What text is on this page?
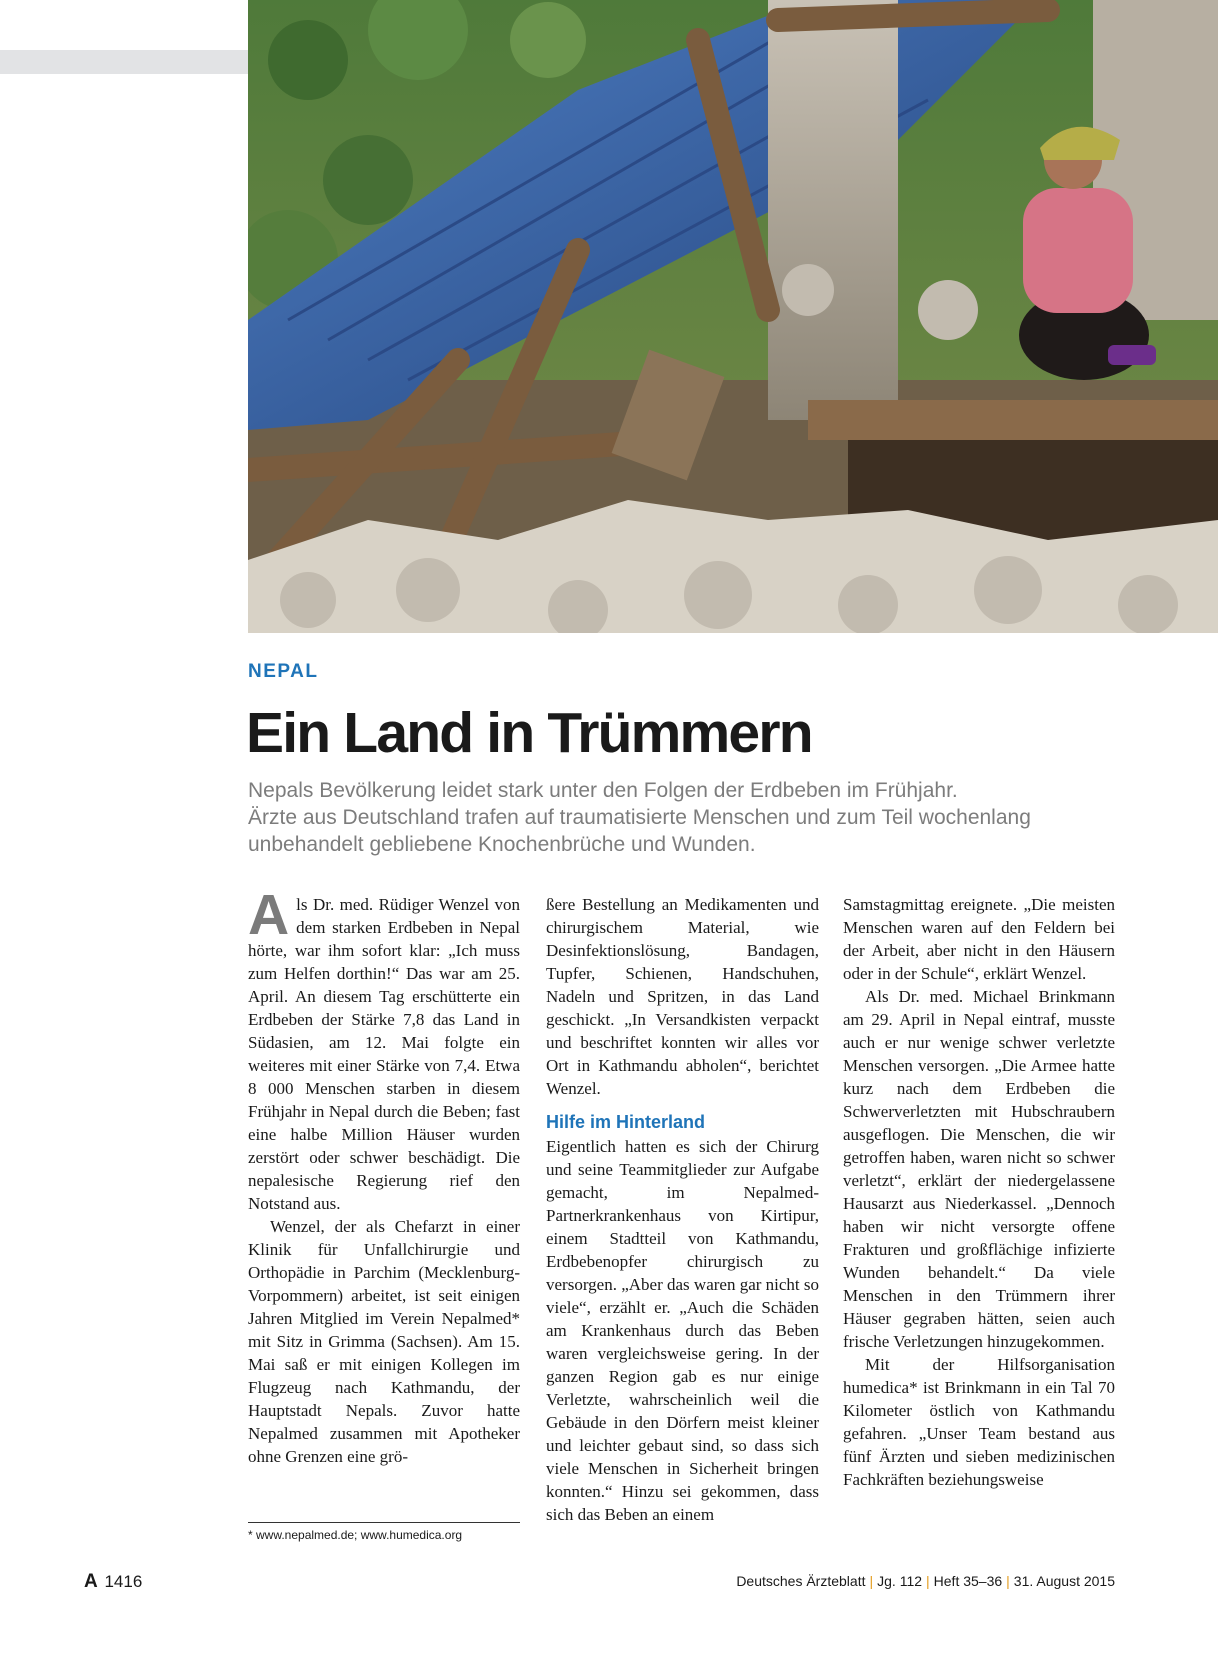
NEPAL
Ein Land in Trümmern

Nepals Bevölkerung leidet stark unter den Folgen der Erdbeben im Frühjahr.
Ärzte aus Deutschland trafen auf traumatisierte Menschen und zum Teil wochenlang
unbehandelt gebliebene Knochenbrüche und Wunden.

Als Dr. med. Rüdiger Wenzel von dem starken Erdbeben in Nepal hörte, war ihm sofort klar: „Ich muss zum Helfen dorthin!“ Das war am 25. April. An diesem Tag erschütterte ein Erdbeben der Stärke 7,8 das Land in Südasien, am 12. Mai folgte ein weiteres mit einer Stärke von 7,4. Etwa 8 000 Menschen starben in diesem Frühjahr in Nepal durch die Beben; fast eine halbe Million Häuser wurden zerstört oder schwer beschädigt. Die nepalesische Regierung rief den Notstand aus.

Wenzel, der als Chefarzt in einer Klinik für Unfallchirurgie und Orthopädie in Parchim (Mecklenburg-Vorpommern) arbeitet, ist seit einigen Jahren Mitglied im Verein Nepalmed* mit Sitz in Grimma (Sachsen). Am 15. Mai saß er mit einigen Kollegen im Flugzeug nach Kathmandu, der Hauptstadt Nepals. Zuvor hatte Nepalmed zusammen mit Apotheker ohne Grenzen eine grö-

ßere Bestellung an Medikamenten und chirurgischem Material, wie Desinfektionslösung, Bandagen, Tupfer, Schienen, Handschuhen, Nadeln und Spritzen, in das Land geschickt. „In Versandkisten verpackt und beschriftet konnten wir alles vor Ort in Kathmandu abholen“, berichtet Wenzel.

Hilfe im Hinterland

Eigentlich hatten es sich der Chirurg und seine Teammitglieder zur Aufgabe gemacht, im Nepalmed-Partnerkrankenhaus von Kirtipur, einem Stadtteil von Kathmandu, Erdbebenopfer chirurgisch zu versorgen. „Aber das waren gar nicht so viele“, erzählt er. „Auch die Schäden am Krankenhaus durch das Beben waren vergleichsweise gering. In der ganzen Region gab es nur einige Verletzte, wahrscheinlich weil die Gebäude in den Dörfern meist kleiner und leichter gebaut sind, so dass sich viele Menschen in Sicherheit bringen konnten.“ Hinzu sei gekommen, dass sich das Beben an einem

Samstagmittag ereignete. „Die meisten Menschen waren auf den Feldern bei der Arbeit, aber nicht in den Häusern oder in der Schule“, erklärt Wenzel.

Als Dr. med. Michael Brinkmann am 29. April in Nepal eintraf, musste auch er nur wenige schwer verletzte Menschen versorgen. „Die Armee hatte kurz nach dem Erdbeben die Schwerverletzten mit Hubschraubern ausgeflogen. Die Menschen, die wir getroffen haben, waren nicht so schwer verletzt“, erklärt der niedergelassene Hausarzt aus Niederkassel. „Dennoch haben wir nicht versorgte offene Frakturen und großflächige infizierte Wunden behandelt.“ Da viele Menschen in den Trümmern ihrer Häuser gegraben hätten, seien auch frische Verletzungen hinzugekommen.

Mit der Hilfsorganisation humedica* ist Brinkmann in ein Tal 70 Kilometer östlich von Kathmandu gefahren. „Unser Team bestand aus fünf Ärzten und sieben medizinischen Fachkräften beziehungsweise

* www.nepalmed.de; www.humedica.org
A 1416	Deutsches Ärzteblatt | Jg. 112 | Heft 35–36 | 31. August 2015
